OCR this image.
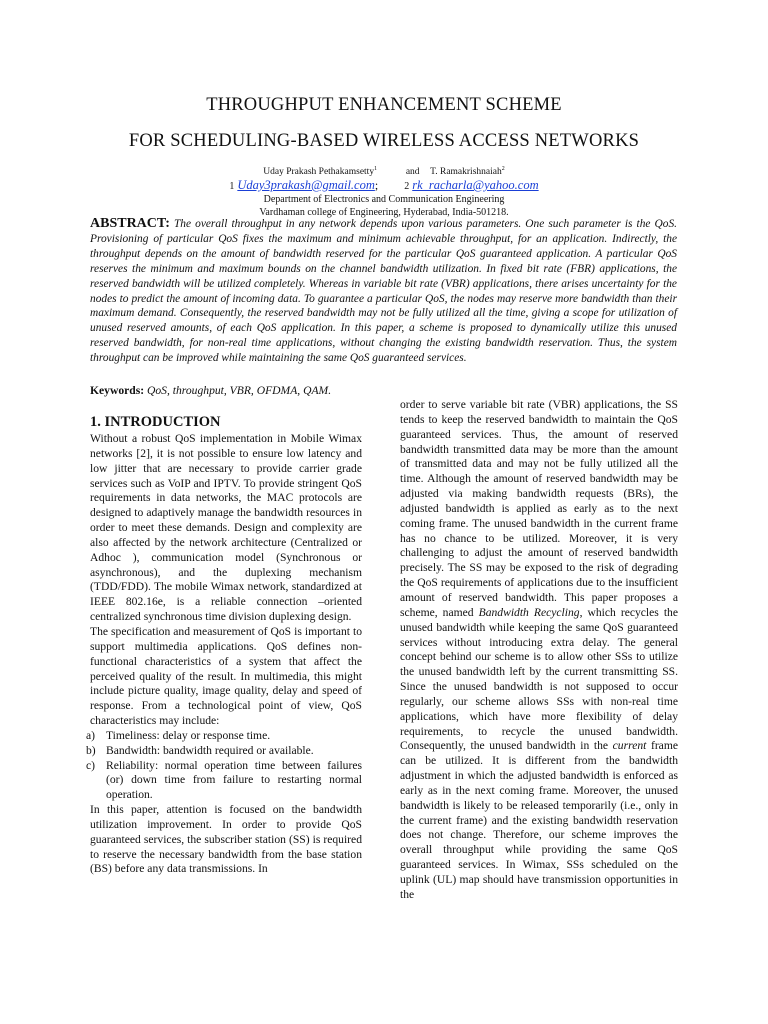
THROUGHPUT ENHANCEMENT SCHEME
FOR SCHEDULING-BASED WIRELESS ACCESS NETWORKS
Uday Prakash Pethakamsetty$^1$	and T. Ramakrishnaiah$^2$
1 Uday3prakash@gmail.com;	2 rk_racharla@yahoo.com
Department of Electronics and Communication Engineering
Vardhaman college of Engineering, Hyderabad, India-501218.
ABSTRACT: The overall throughput in any network depends upon various parameters. One such parameter is the QoS. Provisioning of particular QoS fixes the maximum and minimum achievable throughput, for an application. Indirectly, the throughput depends on the amount of bandwidth reserved for the particular QoS guaranteed application. A particular QoS reserves the minimum and maximum bounds on the channel bandwidth utilization. In fixed bit rate (FBR) applications, the reserved bandwidth will be utilized completely. Whereas in variable bit rate (VBR) applications, there arises uncertainty for the nodes to predict the amount of incoming data. To guarantee a particular QoS, the nodes may reserve more bandwidth than their maximum demand. Consequently, the reserved bandwidth may not be fully utilized all the time, giving a scope for utilization of unused reserved amounts, of each QoS application. In this paper, a scheme is proposed to dynamically utilize this unused reserved bandwidth, for non-real time applications, without changing the existing bandwidth reservation. Thus, the system throughput can be improved while maintaining the same QoS guaranteed services.
Keywords: QoS, throughput, VBR, OFDMA, QAM.
1. INTRODUCTION

Without a robust QoS implementation in Mobile Wimax networks [2], it is not possible to ensure low latency and low jitter that are necessary to provide carrier grade services such as VoIP and IPTV. To provide stringent QoS requirements in data networks, the MAC protocols are designed to adaptively manage the bandwidth resources in order to meet these demands. Design and complexity are also affected by the network architecture (Centralized or Adhoc ), communication model (Synchronous or asynchronous), and the duplexing mechanism (TDD/FDD). The mobile Wimax network, standardized at IEEE 802.16e, is a reliable connection –oriented centralized synchronous time division duplexing design.

The specification and measurement of QoS is important to support multimedia applications. QoS defines non-functional characteristics of a system that affect the perceived quality of the result. In multimedia, this might include picture quality, image quality, delay and speed of response. From a technological point of view, QoS characteristics may include:

a) Timeliness: delay or response time.
b) Bandwidth: bandwidth required or available.
c) Reliability: normal operation time between failures (or) down time from failure to restarting normal operation.

In this paper, attention is focused on the bandwidth utilization improvement. In order to provide QoS guaranteed services, the subscriber station (SS) is required to reserve the necessary bandwidth from the base station (BS) before any data transmissions. In

order to serve variable bit rate (VBR) applications, the SS tends to keep the reserved bandwidth to maintain the QoS guaranteed services. Thus, the amount of reserved bandwidth transmitted data may be more than the amount of transmitted data and may not be fully utilized all the time. Although the amount of reserved bandwidth may be adjusted via making bandwidth requests (BRs), the adjusted bandwidth is applied as early as to the next coming frame. The unused bandwidth in the current frame has no chance to be utilized. Moreover, it is very challenging to adjust the amount of reserved bandwidth precisely. The SS may be exposed to the risk of degrading the QoS requirements of applications due to the insufficient amount of reserved bandwidth. This paper proposes a scheme, named Bandwidth Recycling, which recycles the unused bandwidth while keeping the same QoS guaranteed services without introducing extra delay. The general concept behind our scheme is to allow other SSs to utilize the unused bandwidth left by the current transmitting SS. Since the unused bandwidth is not supposed to occur regularly, our scheme allows SSs with non-real time applications, which have more flexibility of delay requirements, to recycle the unused bandwidth. Consequently, the unused bandwidth in the current frame can be utilized. It is different from the bandwidth adjustment in which the adjusted bandwidth is enforced as early as in the next coming frame. Moreover, the unused bandwidth is likely to be released temporarily (i.e., only in the current frame) and the existing bandwidth reservation does not change. Therefore, our scheme improves the overall throughput while providing the same QoS guaranteed services. In Wimax, SSs scheduled on the uplink (UL) map should have transmission opportunities in the
